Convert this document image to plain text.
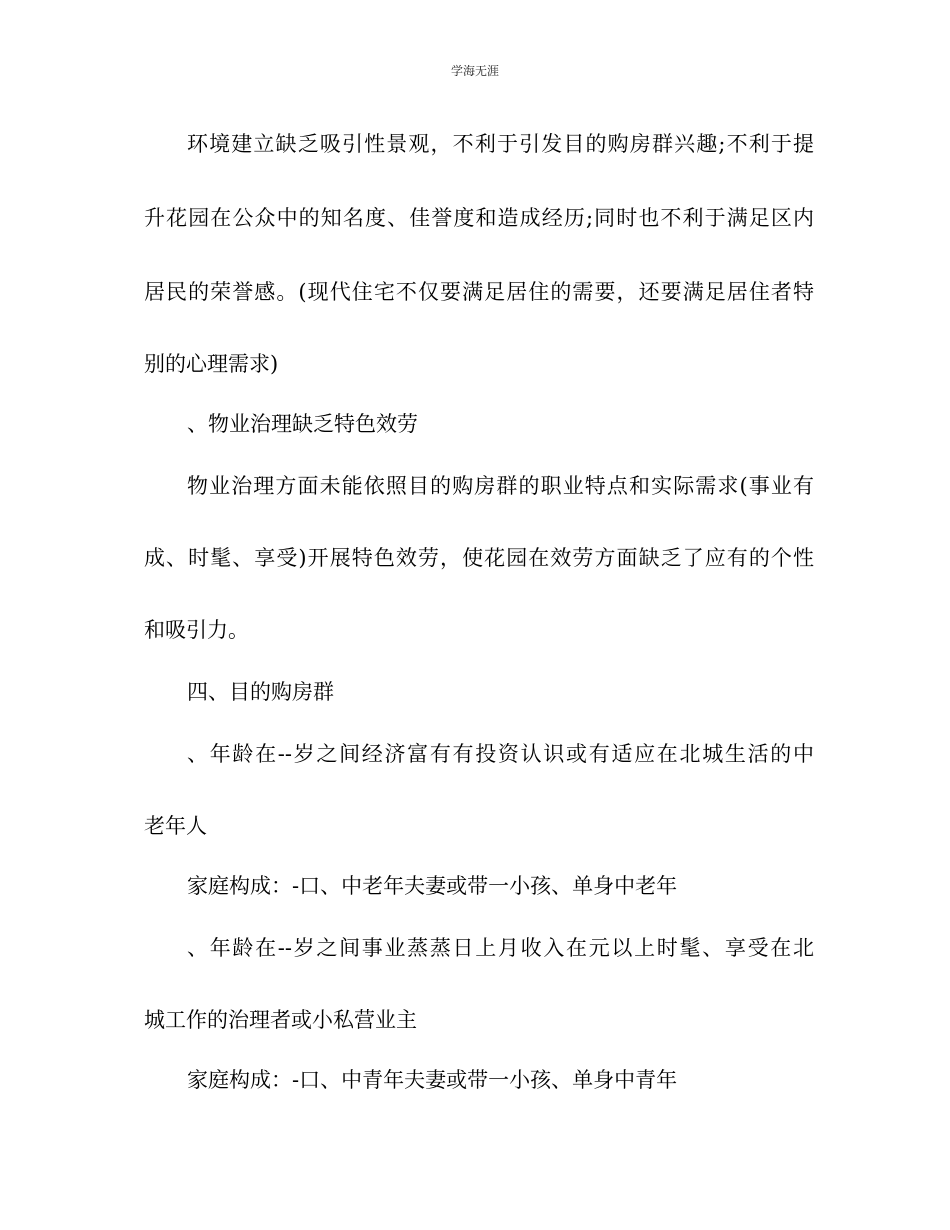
学海无涯
环境建立缺乏吸引性景观，不利于引发目的购房群兴趣;不利于提
升花园在公众中的知名度、佳誉度和造成经历;同时也不利于满足区内
居民的荣誉感。(现代住宅不仅要满足居住的需要，还要满足居住者特
别的心理需求)
、物业治理缺乏特色效劳
物业治理方面未能依照目的购房群的职业特点和实际需求(事业有
成、时髦、享受)开展特色效劳，使花园在效劳方面缺乏了应有的个性
和吸引力。
四、目的购房群
、年龄在--岁之间经济富有有投资认识或有适应在北城生活的中
老年人
家庭构成：-口、中老年夫妻或带一小孩、单身中老年
、年龄在--岁之间事业蒸蒸日上月收入在元以上时髦、享受在北
城工作的治理者或小私营业主
家庭构成：-口、中青年夫妻或带一小孩、单身中青年
